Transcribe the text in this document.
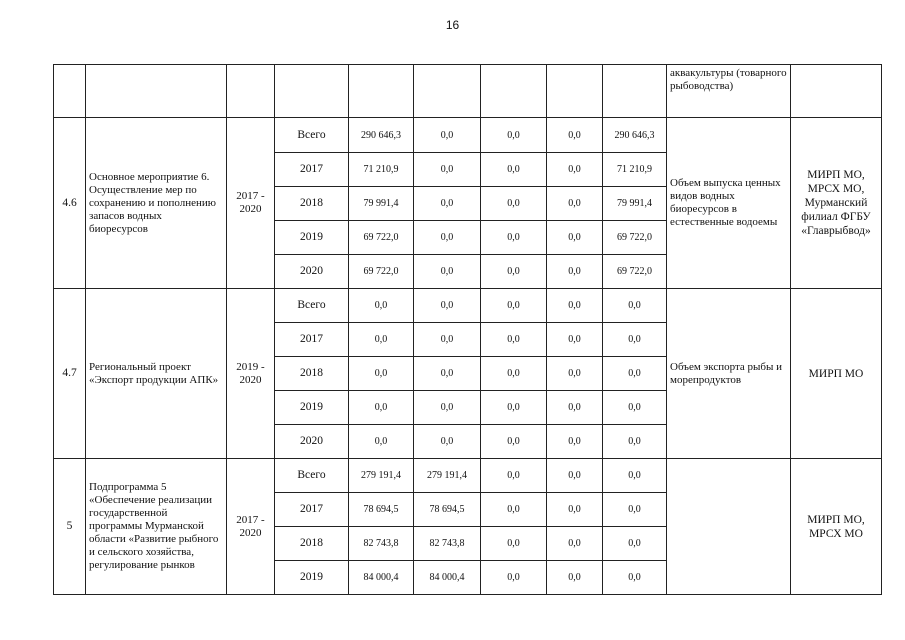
16
									аквакультуры (товарного рыбоводства)	
4.6	Основное мероприятие 6. Осуществление мер по сохранению и пополнению запасов водных биоресурсов	2017 - 2020	Всего	290 646,3	0,0	0,0	0,0	290 646,3	Объем выпуска ценных видов водных биоресурсов в естественные водоемы	МИРП МО, МРСХ МО, Мурманский филиал ФГБУ «Главрыбвод»
			2017	71 210,9	0,0	0,0	0,0	71 210,9		
			2018	79 991,4	0,0	0,0	0,0	79 991,4		
			2019	69 722,0	0,0	0,0	0,0	69 722,0		
			2020	69 722,0	0,0	0,0	0,0	69 722,0		
4.7	Региональный проект «Экспорт продукции АПК»	2019 - 2020	Всего	0,0	0,0	0,0	0,0	0,0	Объем экспорта рыбы и морепродуктов	МИРП МО
			2017	0,0	0,0	0,0	0,0	0,0		
			2018	0,0	0,0	0,0	0,0	0,0		
			2019	0,0	0,0	0,0	0,0	0,0		
			2020	0,0	0,0	0,0	0,0	0,0		
5	Подпрограмма 5 «Обеспечение реализации государственной программы Мурманской области «Развитие рыбного и сельского хозяйства, регулирование рынков	2017 - 2020	Всего	279 191,4	279 191,4	0,0	0,0	0,0		МИРП МО, МРСХ МО
			2017	78 694,5	78 694,5	0,0	0,0	0,0		
			2018	82 743,8	82 743,8	0,0	0,0	0,0		
			2019	84 000,4	84 000,4	0,0	0,0	0,0		
